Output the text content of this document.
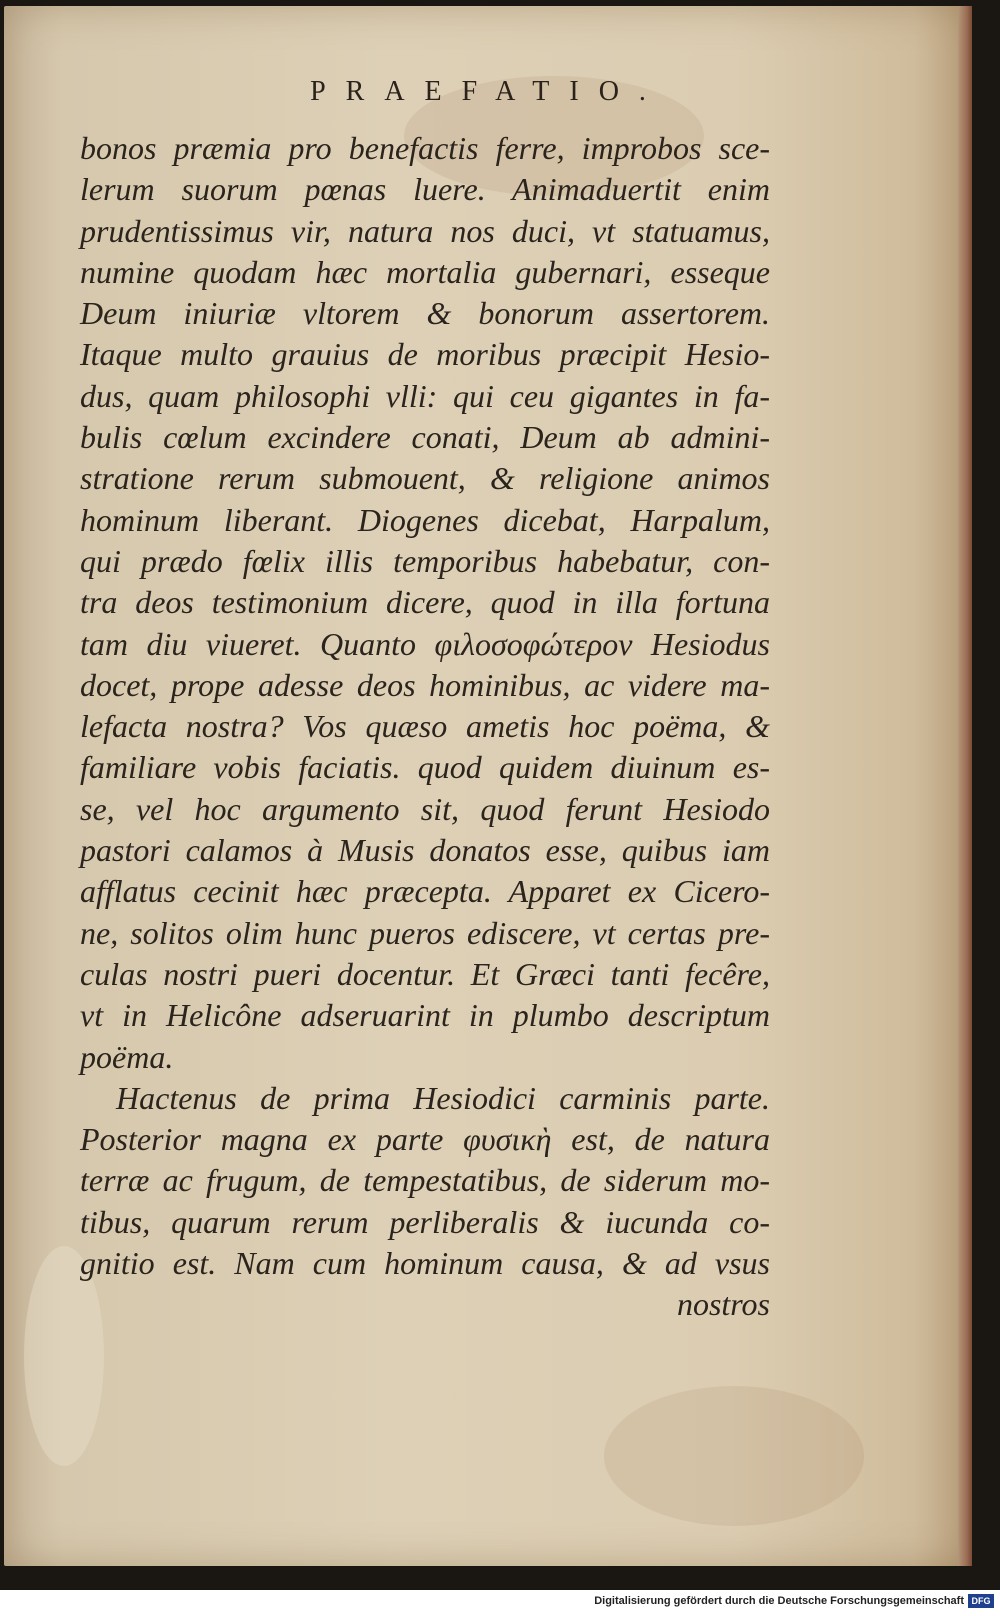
PRAEFATIO.
bonos præmia pro benefactis ferre, improbos sce-
lerum suorum pœnas luere. Animaduertit enim
prudentissimus vir, natura nos duci, vt statuamus,
numine quodam hæc mortalia gubernari, esseque
Deum iniuriæ vltorem & bonorum assertorem.
Itaque multo grauius de moribus præcipit Hesio-
dus, quam philosophi vlli: qui ceu gigantes in fa-
bulis cœlum excindere conati, Deum ab admini-
stratione rerum submouent, & religione animos
hominum liberant. Diogenes dicebat, Harpalum,
qui prædo fœlix illis temporibus habebatur, con-
tra deos testimonium dicere, quod in illa fortuna
tam diu viueret. Quanto φιλοσοφώτερον Hesiodus
docet, prope adesse deos hominibus, ac videre ma-
lefacta nostra? Vos quæso ametis hoc poëma, &
familiare vobis faciatis. quod quidem diuinum es-
se, vel hoc argumento sit, quod ferunt Hesiodo
pastori calamos à Musis donatos esse, quibus iam
afflatus cecinit hæc præcepta. Apparet ex Cicero-
ne, solitos olim hunc pueros ediscere, vt certas pre-
culas nostri pueri docentur. Et Græci tanti fecêre,
vt in Helicône adseruarint in plumbo descriptum
poëma.
Hactenus de prima Hesiodici carminis parte.
Posterior magna ex parte φυσικὴ est, de natura
terræ ac frugum, de tempestatibus, de siderum mo-
tibus, quarum rerum perliberalis & iucunda co-
gnitio est. Nam cum hominum causa, & ad vsus
nostros
Digitalisierung gefördert durch die Deutsche Forschungsgemeinschaft DFG
